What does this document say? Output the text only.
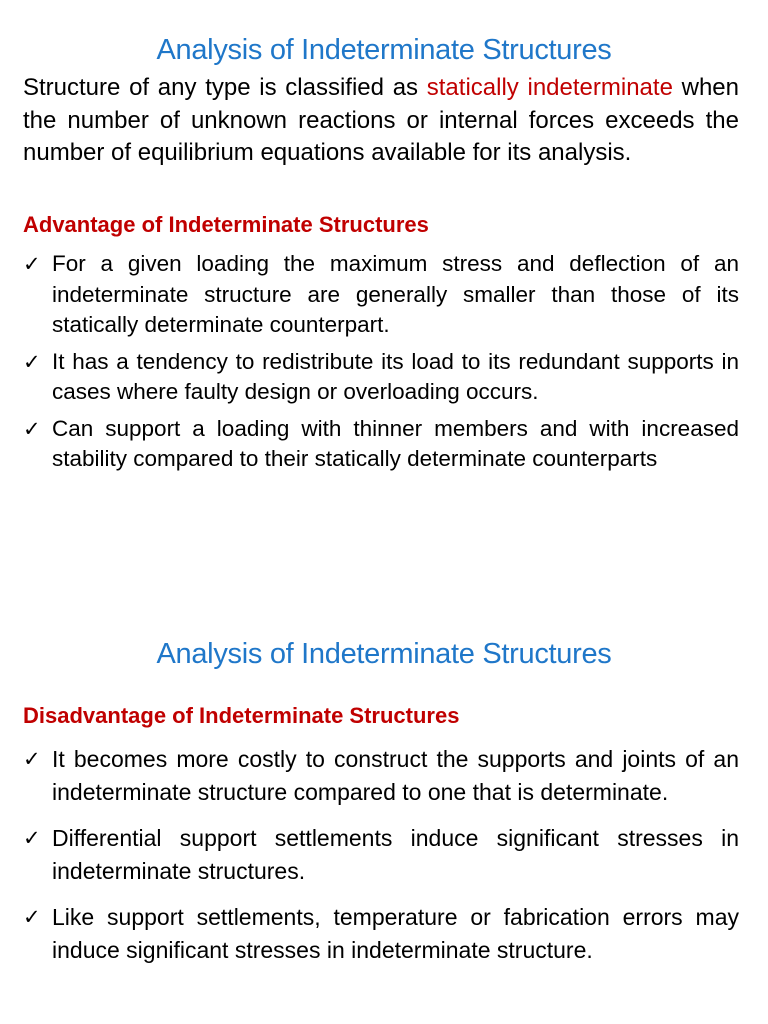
Analysis of Indeterminate Structures

Structure of any type is classified as statically indeterminate when the number of unknown reactions or internal forces exceeds the number of equilibrium equations available for its analysis.

Advantage of Indeterminate Structures
✓ For a given loading the maximum stress and deflection of an indeterminate structure are generally smaller than those of its statically determinate counterpart.
✓ It has a tendency to redistribute its load to its redundant supports in cases where faulty design or overloading occurs.
✓ Can support a loading with thinner members and with increased stability compared to their statically determinate counterparts
Analysis of Indeterminate Structures
Disadvantage of Indeterminate Structures
✓ It becomes more costly to construct the supports and joints of an indeterminate structure compared to one that is determinate.
✓ Differential support settlements induce significant stresses in indeterminate structures.
✓ Like support settlements, temperature or fabrication errors may induce significant stresses in indeterminate structure.
